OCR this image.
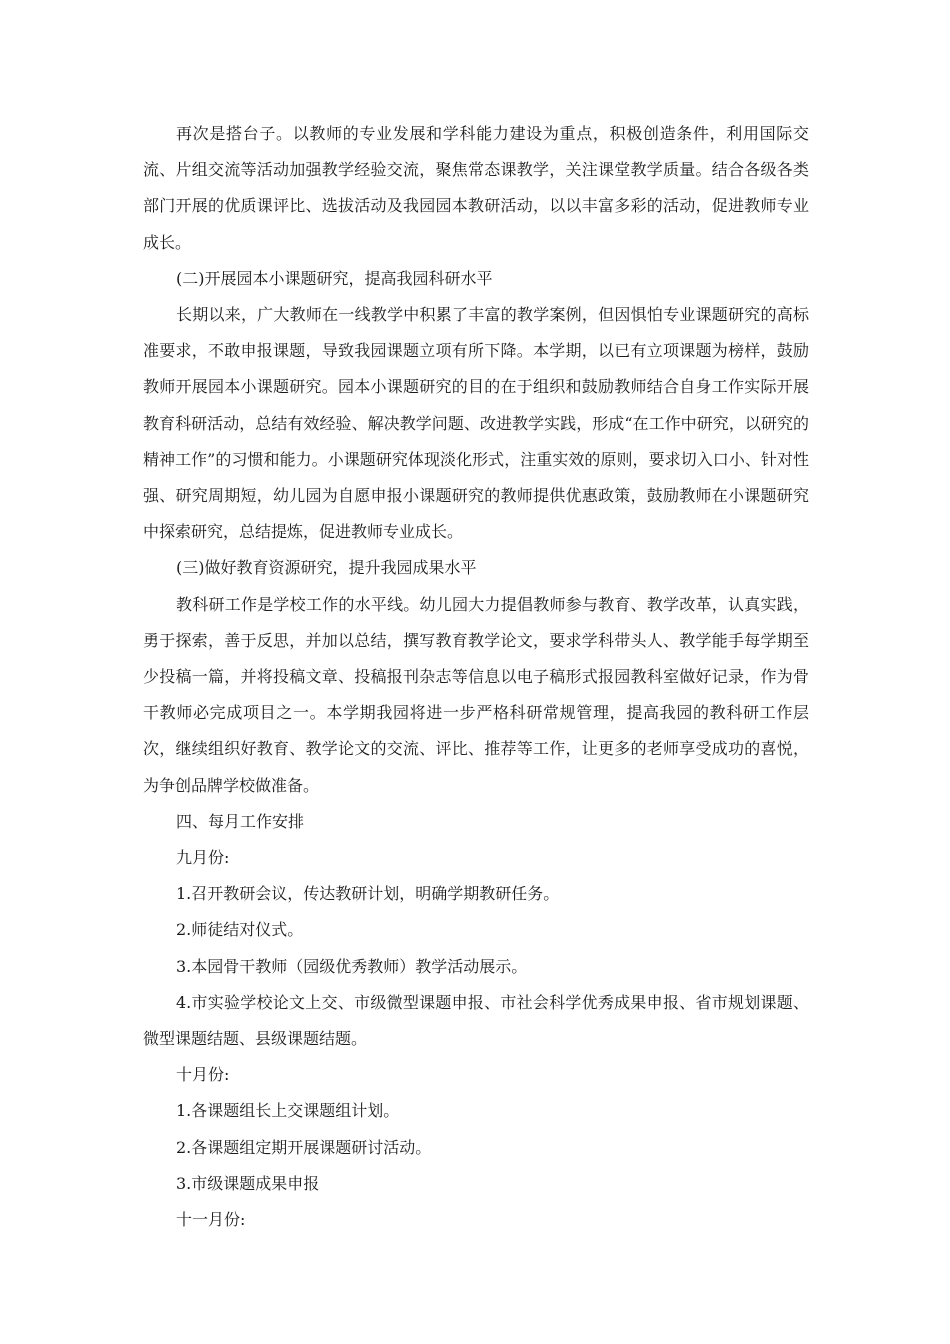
再次是搭台子。以教师的专业发展和学科能力建设为重点，积极创造条件，利用国际交流、片组交流等活动加强教学经验交流，聚焦常态课教学，关注课堂教学质量。结合各级各类部门开展的优质课评比、选拔活动及我园园本教研活动，以以丰富多彩的活动，促进教师专业成长。

(二)开展园本小课题研究，提高我园科研水平

长期以来，广大教师在一线教学中积累了丰富的教学案例，但因惧怕专业课题研究的高标准要求，不敢申报课题，导致我园课题立项有所下降。本学期，以已有立项课题为榜样，鼓励教师开展园本小课题研究。园本小课题研究的目的在于组织和鼓励教师结合自身工作实际开展教育科研活动，总结有效经验、解决教学问题、改进教学实践，形成“在工作中研究，以研究的精神工作”的习惯和能力。小课题研究体现淡化形式，注重实效的原则，要求切入口小、针对性强、研究周期短，幼儿园为自愿申报小课题研究的教师提供优惠政策，鼓励教师在小课题研究中探索研究，总结提炼，促进教师专业成长。

(三)做好教育资源研究，提升我园成果水平

教科研工作是学校工作的水平线。幼儿园大力提倡教师参与教育、教学改革，认真实践，勇于探索，善于反思，并加以总结，撰写教育教学论文，要求学科带头人、教学能手每学期至少投稿一篇，并将投稿文章、投稿报刊杂志等信息以电子稿形式报园教科室做好记录，作为骨干教师必完成项目之一。本学期我园将进一步严格科研常规管理，提高我园的教科研工作层次，继续组织好教育、教学论文的交流、评比、推荐等工作，让更多的老师享受成功的喜悦，为争创品牌学校做准备。

四、每月工作安排

九月份:

1.召开教研会议，传达教研计划，明确学期教研任务。

2.师徒结对仪式。

3.本园骨干教师（园级优秀教师）教学活动展示。

4.市实验学校论文上交、市级微型课题申报、市社会科学优秀成果申报、省市规划课题、微型课题结题、县级课题结题。

十月份:

1.各课题组长上交课题组计划。

2.各课题组定期开展课题研讨活动。

3.市级课题成果申报

十一月份:
